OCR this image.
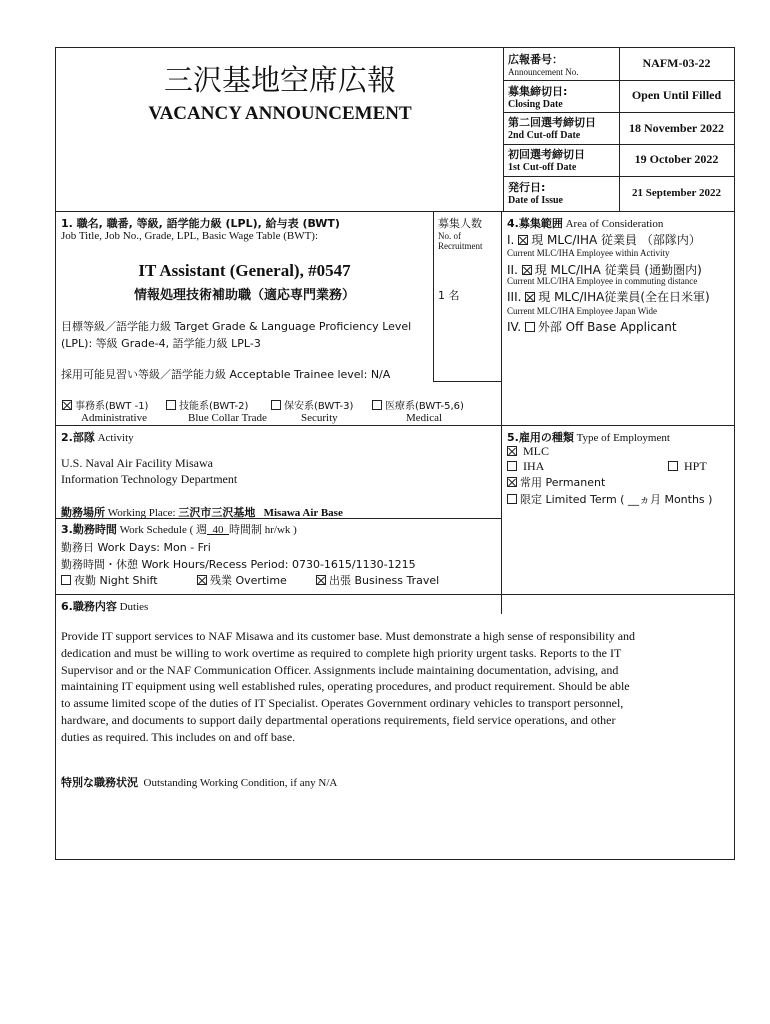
三沢基地空席広報
VACANCY ANNOUNCEMENT
広報番号：
Announcement No.
NAFM-03-22
募集締切日:
Closing Date
Open Until Filled
第二回選考締切日
2nd Cut-off Date
18 November 2022
初回選考締切日
1st Cut-off Date
19 October 2022
発行日:
Date of Issue
21 September 2022
1. 職名, 職番, 等級, 語学能力級 (LPL), 給与表 (BWT)
Job Title, Job No., Grade, LPL, Basic Wage Table (BWT):
IT Assistant (General), #0547
情報処理技術補助職（適応専門業務）
目標等級／語学能力級 Target Grade & Language Proficiency Level
(LPL): 等級 Grade-4, 語学能力級 LPL-3
採用可能見習い等級／語学能力級 Acceptable Trainee level: N/A
募集人数
No. of
Recruitment
1 名
事務系(BWT -1)
Administrative
技能系(BWT-2)
Blue Collar Trade
保安系(BWT-3)
Security
医療系(BWT-5,6)
Medical
4.募集範囲 Area of Consideration
I. 現 MLC/IHA 従業員 （部隊内）
Current MLC/IHA Employee within Activity
II. 現 MLC/IHA 従業員 (通勤圏内)
Current MLC/IHA Employee in commuting distance
III. 現 MLC/IHA従業員(全在日米軍)
Current MLC/IHA Employee Japan Wide
IV. 外部 Off Base Applicant
2.部隊 Activity
U.S. Naval Air Facility Misawa
Information Technology Department
勤務場所 Working Place: 三沢市三沢基地 Misawa Air Base
5.雇用の種類 Type of Employment
MLC
IHA	HPT
常用 Permanent
限定 Limited Term ( __ヵ月 Months )
3.勤務時間 Work Schedule ( 週 40 時間制 hr/wk )
勤務日 Work Days: Mon - Fri
勤務時間・休憩 Work Hours/Recess Period: 0730-1615/1130-1215
夜勤 Night Shift	残業 Overtime	出張 Business Travel
6.職務内容 Duties
Provide IT support services to NAF Misawa and its customer base. Must demonstrate a high sense of responsibility and
dedication and must be willing to work overtime as required to complete high priority urgent tasks. Reports to the IT
Supervisor and or the NAF Communication Officer. Assignments include maintaining documentation, advising, and
maintaining IT equipment using well established rules, operating procedures, and product requirement. Should be able
to assume limited scope of the duties of IT Specialist. Operates Government ordinary vehicles to transport personnel,
hardware, and documents to support daily departmental operations requirements, field service operations, and other
duties as required. This includes on and off base.
特別な職務状況 Outstanding Working Condition, if any N/A
